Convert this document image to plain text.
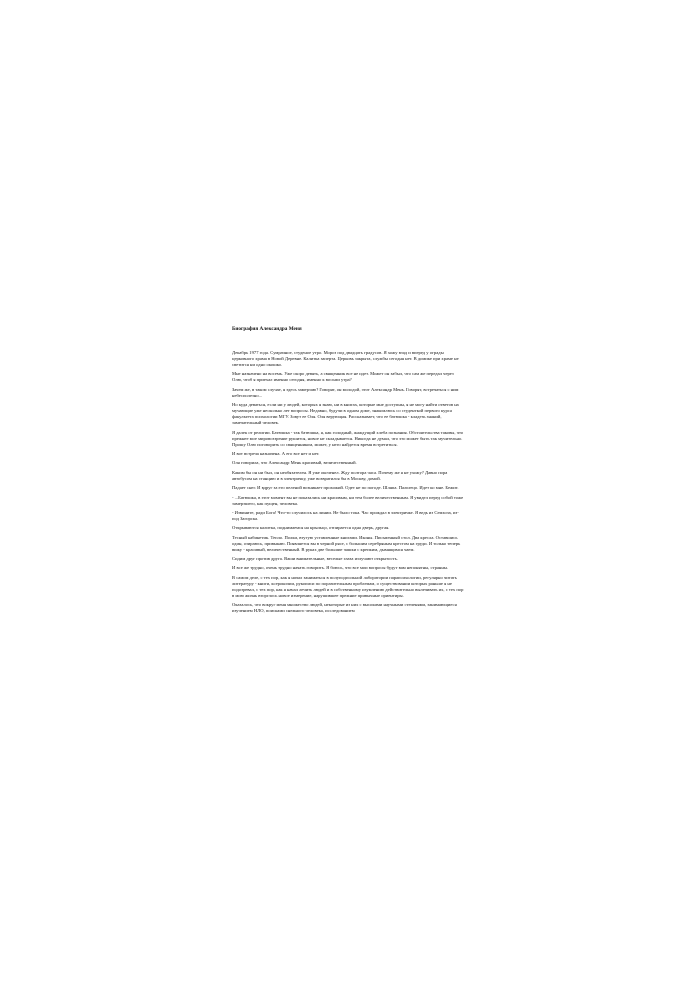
Биография Александра Меня
Декабрь 1977 года. Сумрачное, студеное утро. Мороз под двадцать градусов. Я хожу взад и вперед у ограды церковного храма в Новой Деревне. Калитка заперта. Церковь закрыта, службы сегодня нет. В домике при храме не светится ни одно окошко.
Мне назначено на восемь. Уже скоро девять, а священник все не идет. Может он забыл, что сам же передал через Олю, чтоб я приехал именно сегодня, именно к восьми утра?
Зачем же, в таком случае, я здесь замерзаю? Говорят, он молодой, этот Александр Мень. Говорят, встречаться с ним небесполезно...
Но куда деваться, если ни у людей, которых я знаю, ни в книгах, которые мне доступны, я не могу найти ответов на мучающие уже несколько лет вопросы. Недавно, будучи в одном доме, знакомлюсь со студенткой первого курса факультета психологии МГУ. Зовут ее Оля. Оля верующая. Рассказывает, что ее батюшка - кладезь знаний, замечательный человек.
Я далек от религии. Батюшка - так батюшка, я, как голодный, жаждущий хлеба познания. Обстоятельства таковы, что прежнее мое мировоззрение рушится, новое не складывается. Никогда не думал, что это может быть так мучительно. Прошу Олю поговорить со священником, может, у него найдется время встретиться.
И вот встреча назначена. А его все нет и нет.
Оля говорила, что Александр Мень красивый, величественный.
Каким бы он ни был, он необязателен. Я уже окоченел. Жду полтора часа. Почему же я не ухожу? Давно пора автобусом на станцию и в электричку, уже возвратился бы в Москву, домой.
Падает снег. И вдруг за его пеленой возникает прохожий. Одет не по погоде. Шляпа. Пальтецо. Идет ко мне. Бежит.
- ...Батюшка, в этот момент вы не показались ни красивым, ни тем более величественным. Я увидел перед собой тоже замерзшего, как пущен, человека.
- Извините, ради Бога! Что-то случилось на линии. Не было тока. Час прождал в электричке. Я ведь из Семхоза, из-под Загорска.
Открываются калитка, поднимаемся на крыльцо, отпирается одна дверь, другая.
Тесный кабинетик. Тепло. Полки, втугую уставленные книгами. Иконы. Письменный стол. Два кресла. Оставшись один, озираюсь, привыкаю. Появляется вы в черной рясе, с большим серебряным крестом на груди. И только теперь вижу - красивый, величественный. В руках две большие чашки с крепким, дымящимся чаем.
Сидим друг против друга. Ваши внимательные, веселые глаза излучают открытость.
И все же трудно, очень трудно начать говорить. Я боюсь, что все мои вопросы будут вам непонятны, странны.
В самом деле, с тех пор, как я начал заниматься в полуподпольной лаборатории парапсихологии, регулярно читать литературу - книги, ксерокопии, рукописи по поразительным проблемам, о существовании которых раньше я не подозревал, с тех пор, как я начал лечить людей и в собственному изумлению действительно вылечивать их, с тех пор в мою жизнь вторглось новое измерение, нарушившее прежние привычные ориентиры.
Оказалось, что вокруг меня множество людей, некоторые из них с высокими научными степенями, занимающиеся изучением НЛО, поисками снежного человека, исследованием
